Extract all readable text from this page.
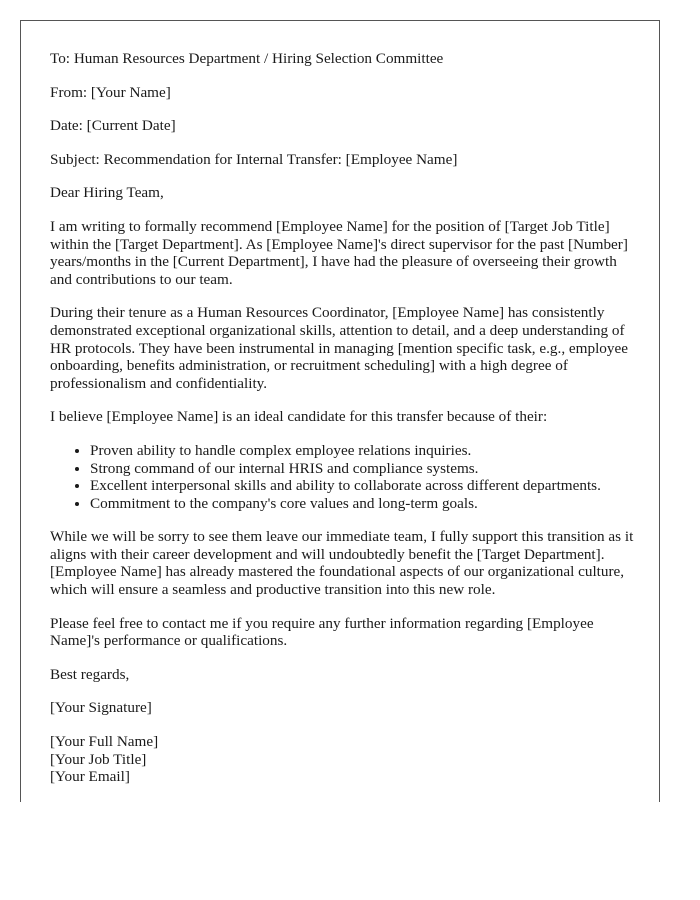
To: Human Resources Department / Hiring Selection Committee

From: [Your Name]

Date: [Current Date]

Subject: Recommendation for Internal Transfer: [Employee Name]

Dear Hiring Team,

I am writing to formally recommend [Employee Name] for the position of [Target Job Title] within the [Target Department]. As [Employee Name]'s direct supervisor for the past [Number] years/months in the [Current Department], I have had the pleasure of overseeing their growth and contributions to our team.

During their tenure as a Human Resources Coordinator, [Employee Name] has consistently demonstrated exceptional organizational skills, attention to detail, and a deep understanding of HR protocols. They have been instrumental in managing [mention specific task, e.g., employee onboarding, benefits administration, or recruitment scheduling] with a high degree of professionalism and confidentiality.

I believe [Employee Name] is an ideal candidate for this transfer because of their:

• Proven ability to handle complex employee relations inquiries.
• Strong command of our internal HRIS and compliance systems.
• Excellent interpersonal skills and ability to collaborate across different departments.
• Commitment to the company's core values and long-term goals.

While we will be sorry to see them leave our immediate team, I fully support this transition as it aligns with their career development and will undoubtedly benefit the [Target Department]. [Employee Name] has already mastered the foundational aspects of our organizational culture, which will ensure a seamless and productive transition into this new role.

Please feel free to contact me if you require any further information regarding [Employee Name]'s performance or qualifications.

Best regards,

[Your Signature]

[Your Full Name]

[Your Job Title]

[Your Email]
